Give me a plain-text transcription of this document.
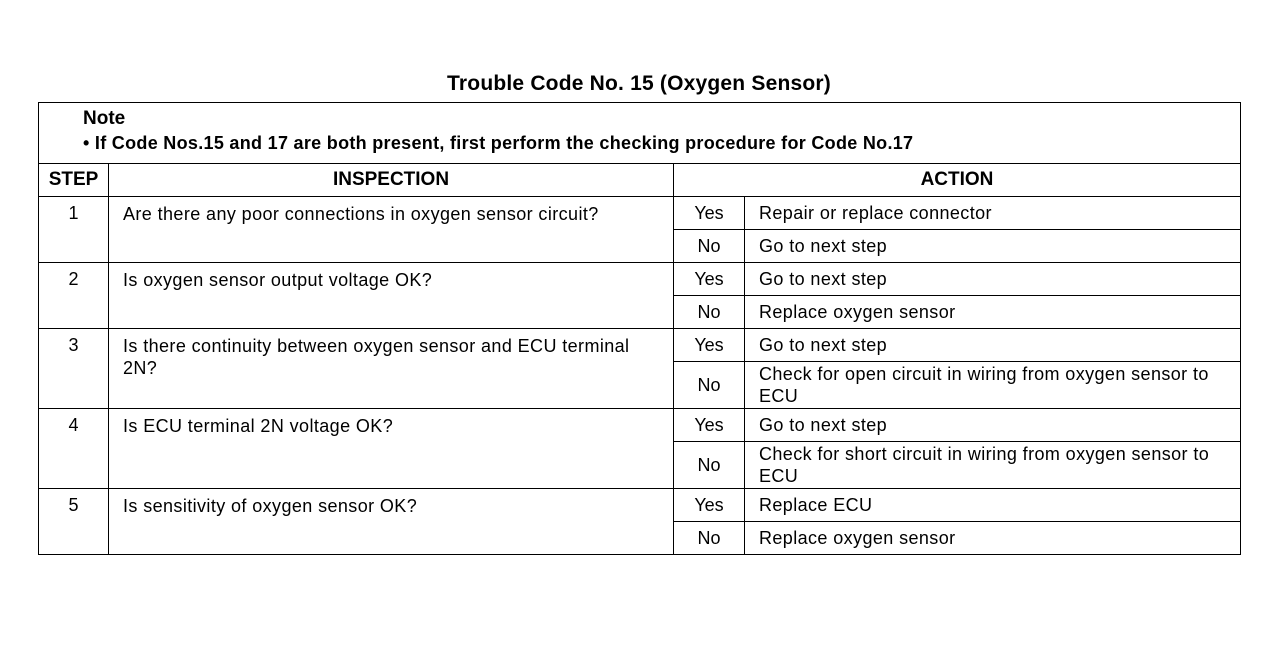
Trouble Code No. 15 (Oxygen Sensor)
Note
• If Code Nos.15 and 17 are both present, first perform the checking procedure for Code No.17			

STEP	INSPECTION	ACTION	
1	Are there any poor connections in oxygen sensor circuit?	Yes	Repair or replace connector
		No	Go to next step
2	Is oxygen sensor output voltage OK?	Yes	Go to next step
		No	Replace oxygen sensor
3	Is there continuity between oxygen sensor and ECU terminal 2N?	Yes	Go to next step
		No	Check for open circuit in wiring from oxygen sensor to ECU
4	Is ECU terminal 2N voltage OK?	Yes	Go to next step
		No	Check for short circuit in wiring from oxygen sensor to ECU
5	Is sensitivity of oxygen sensor OK?	Yes	Replace ECU
		No	Replace oxygen sensor
